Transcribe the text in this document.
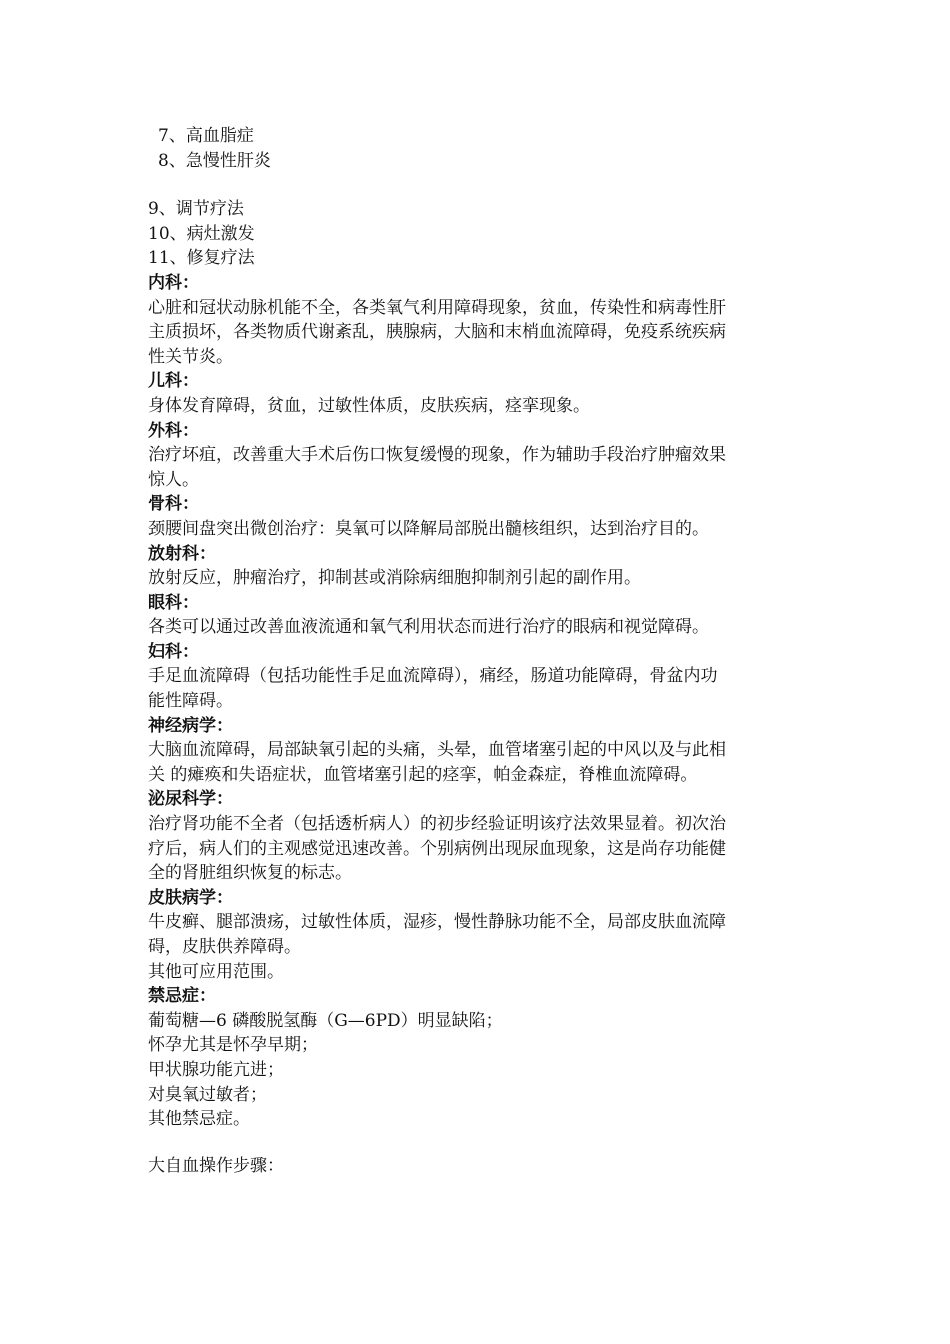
7、高血脂症
8、急慢性肝炎
9、调节疗法
10、病灶激发
11、修复疗法
内科：
心脏和冠状动脉机能不全，各类氧气利用障碍现象，贫血，传染性和病毒性肝
主质损坏，各类物质代谢紊乱，胰腺病，大脑和末梢血流障碍，免疫系统疾病
性关节炎。
儿科：
身体发育障碍，贫血，过敏性体质，皮肤疾病，痉挛现象。
外科：
治疗坏疽，改善重大手术后伤口恢复缓慢的现象，作为辅助手段治疗肿瘤效果
惊人。
骨科：
颈腰间盘突出微创治疗：臭氧可以降解局部脱出髓核组织，达到治疗目的。
放射科：
放射反应，肿瘤治疗，抑制甚或消除病细胞抑制剂引起的副作用。
眼科：
各类可以通过改善血液流通和氧气利用状态而进行治疗的眼病和视觉障碍。
妇科：
手足血流障碍（包括功能性手足血流障碍），痛经，肠道功能障碍，骨盆内功
能性障碍。
神经病学：
大脑血流障碍，局部缺氧引起的头痛，头晕，血管堵塞引起的中风以及与此相
关 的瘫痪和失语症状，血管堵塞引起的痉挛，帕金森症，脊椎血流障碍。
泌尿科学：
治疗肾功能不全者（包括透析病人）的初步经验证明该疗法效果显着。初次治
疗后，病人们的主观感觉迅速改善。个别病例出现尿血现象，这是尚存功能健
全的肾脏组织恢复的标志。
皮肤病学：
牛皮癣、腿部溃疡，过敏性体质，湿疹，慢性静脉功能不全，局部皮肤血流障
碍，皮肤供养障碍。
其他可应用范围。
禁忌症：
葡萄糖—6 磷酸脱氢酶（G—6PD）明显缺陷；
怀孕尤其是怀孕早期；
甲状腺功能亢进；
对臭氧过敏者；
其他禁忌症。
大自血操作步骤：
